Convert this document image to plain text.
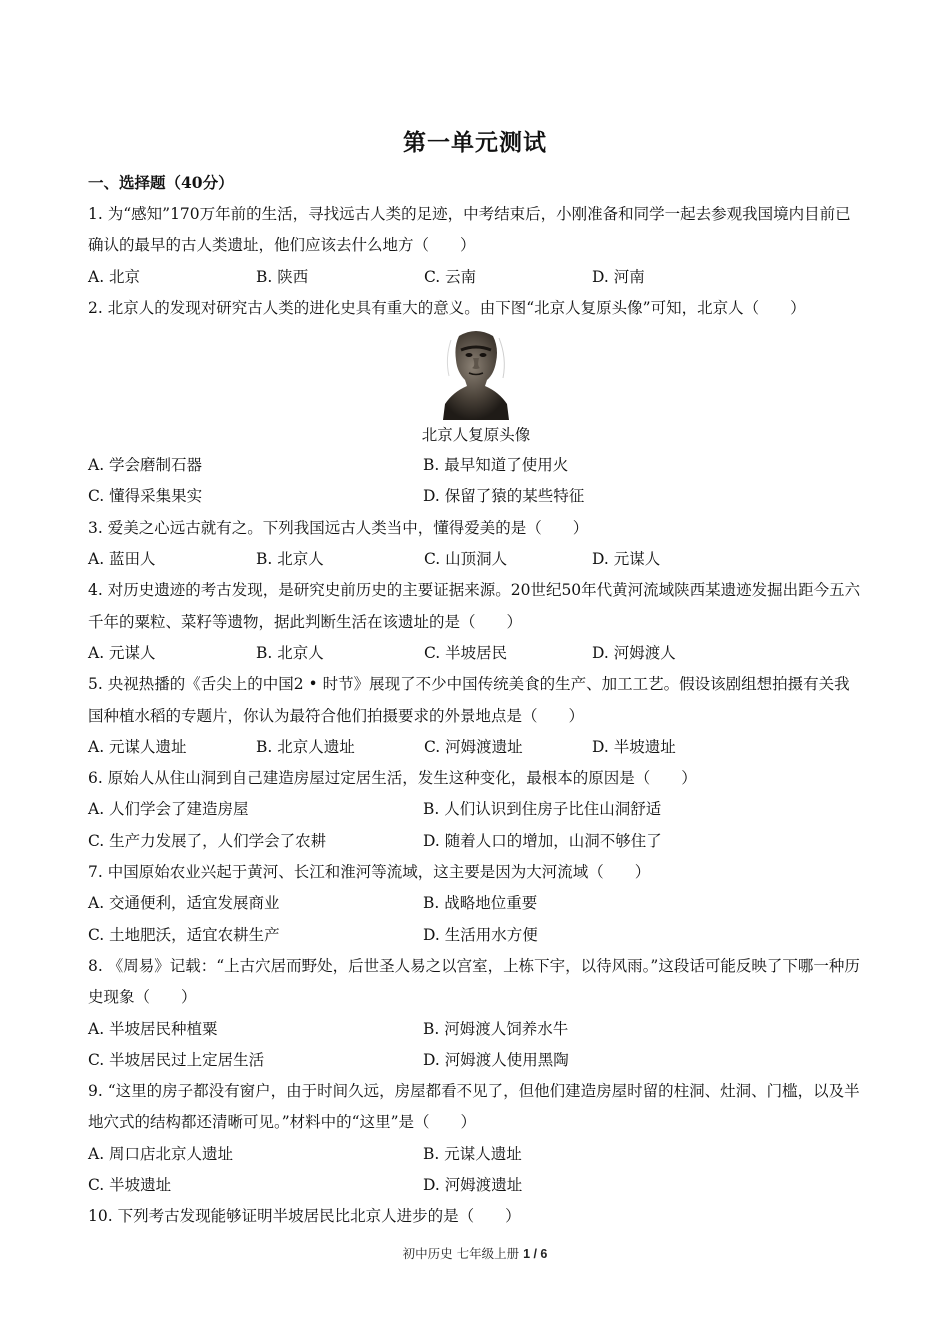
第一单元测试
一、选择题（40分）
1. 为“感知”170万年前的生活，寻找远古人类的足迹，中考结束后，小刚准备和同学一起去参观我国境内目前已确认的最早的古人类遗址，他们应该去什么地方（　　）
A. 北京	B. 陕西	C. 云南	D. 河南
2. 北京人的发现对研究古人类的进化史具有重大的意义。由下图“北京人复原头像”可知，北京人（　　）
北京人复原头像
A. 学会磨制石器	B. 最早知道了使用火
C. 懂得采集果实	D. 保留了猿的某些特征
3. 爱美之心远古就有之。下列我国远古人类当中，懂得爱美的是（　　）
A. 蓝田人	B. 北京人	C. 山顶洞人	D. 元谋人
4. 对历史遗迹的考古发现，是研究史前历史的主要证据来源。20世纪50年代黄河流域陕西某遗迹发掘出距今五六千年的粟粒、菜籽等遗物，据此判断生活在该遗址的是（　　）
A. 元谋人	B. 北京人	C. 半坡居民	D. 河姆渡人
5. 央视热播的《舌尖上的中国2 • 时节》展现了不少中国传统美食的生产、加工工艺。假设该剧组想拍摄有关我国种植水稻的专题片，你认为最符合他们拍摄要求的外景地点是（　　）
A. 元谋人遗址	B. 北京人遗址	C. 河姆渡遗址	D. 半坡遗址
6. 原始人从住山洞到自己建造房屋过定居生活，发生这种变化，最根本的原因是（　　）
A. 人们学会了建造房屋	B. 人们认识到住房子比住山洞舒适
C. 生产力发展了，人们学会了农耕	D. 随着人口的增加，山洞不够住了
7. 中国原始农业兴起于黄河、长江和淮河等流域，这主要是因为大河流域（　　）
A. 交通便利，适宜发展商业	B. 战略地位重要
C. 土地肥沃，适宜农耕生产	D. 生活用水方便
8. 《周易》记载：“上古穴居而野处，后世圣人易之以宫室，上栋下宇，以待风雨。”这段话可能反映了下哪一种历史现象（　　）
A. 半坡居民种植粟	B. 河姆渡人饲养水牛
C. 半坡居民过上定居生活	D. 河姆渡人使用黑陶
9. “这里的房子都没有窗户，由于时间久远，房屋都看不见了，但他们建造房屋时留的柱洞、灶洞、门槛，以及半地穴式的结构都还清晰可见。”材料中的“这里”是（　　）
A. 周口店北京人遗址	B. 元谋人遗址
C. 半坡遗址	D. 河姆渡遗址
10. 下列考古发现能够证明半坡居民比北京人进步的是（　　）
初中历史 七年级上册 1 / 6
